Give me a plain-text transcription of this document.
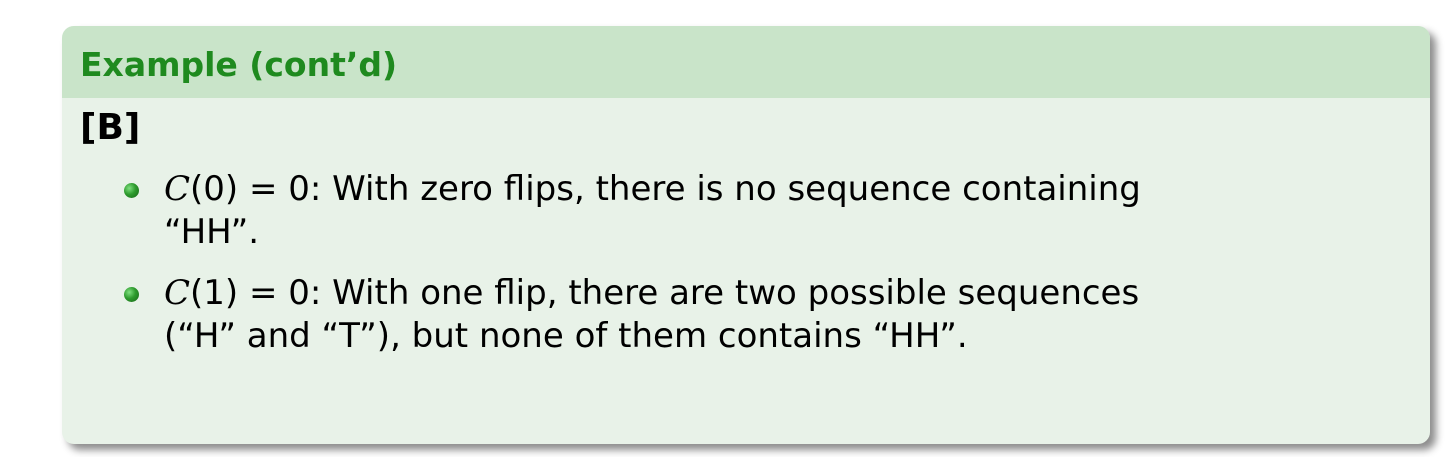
Example (cont’d)
[B]
C(0) = 0: With zero flips, there is no sequence containing
“HH”.
C(1) = 0: With one flip, there are two possible sequences
(“H” and “T”), but none of them contains “HH”.
